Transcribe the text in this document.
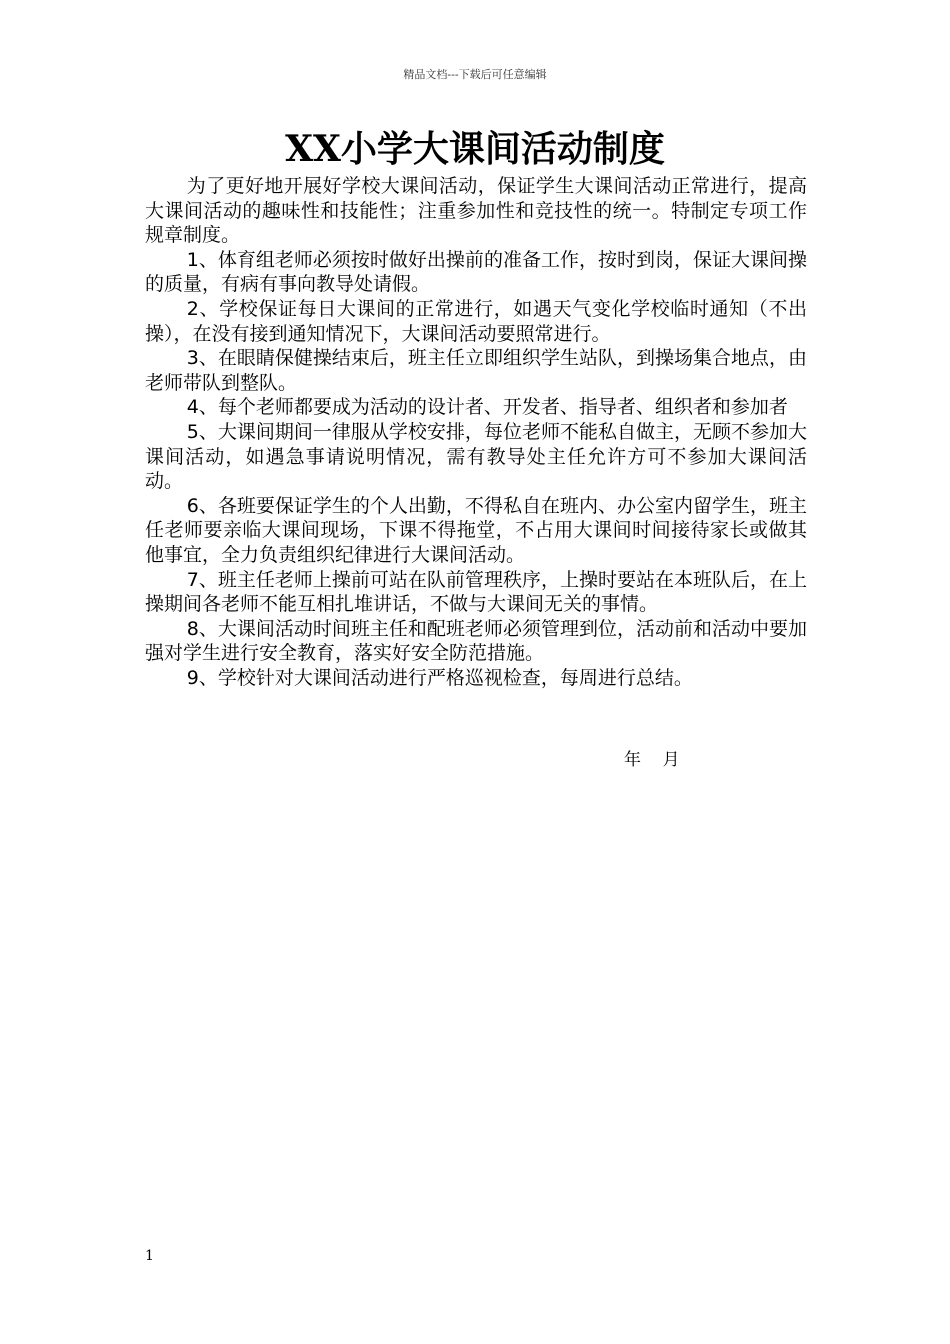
精品文档---下载后可任意编辑
XX小学大课间活动制度

为了更好地开展好学校大课间活动，保证学生大课间活动正常进行，提高大课间活动的趣味性和技能性；注重参加性和竞技性的统一。特制定专项工作规章制度。

1、体育组老师必须按时做好出操前的准备工作，按时到岗，保证大课间操的质量，有病有事向教导处请假。

2、学校保证每日大课间的正常进行，如遇天气变化学校临时通知（不出操），在没有接到通知情况下，大课间活动要照常进行。

3、在眼睛保健操结束后，班主任立即组织学生站队，到操场集合地点，由老师带队到整队。

4、每个老师都要成为活动的设计者、开发者、指导者、组织者和参加者

5、大课间期间一律服从学校安排，每位老师不能私自做主，无顾不参加大课间活动，如遇急事请说明情况，需有教导处主任允许方可不参加大课间活动。

6、各班要保证学生的个人出勤，不得私自在班内、办公室内留学生，班主任老师要亲临大课间现场，下课不得拖堂，不占用大课间时间接待家长或做其他事宜，全力负责组织纪律进行大课间活动。

7、班主任老师上操前可站在队前管理秩序，上操时要站在本班队后，在上操期间各老师不能互相扎堆讲话，不做与大课间无关的事情。

8、大课间活动时间班主任和配班老师必须管理到位，活动前和活动中要加强对学生进行安全教育，落实好安全防范措施。

9、学校针对大课间活动进行严格巡视检查，每周进行总结。

年    月
1
